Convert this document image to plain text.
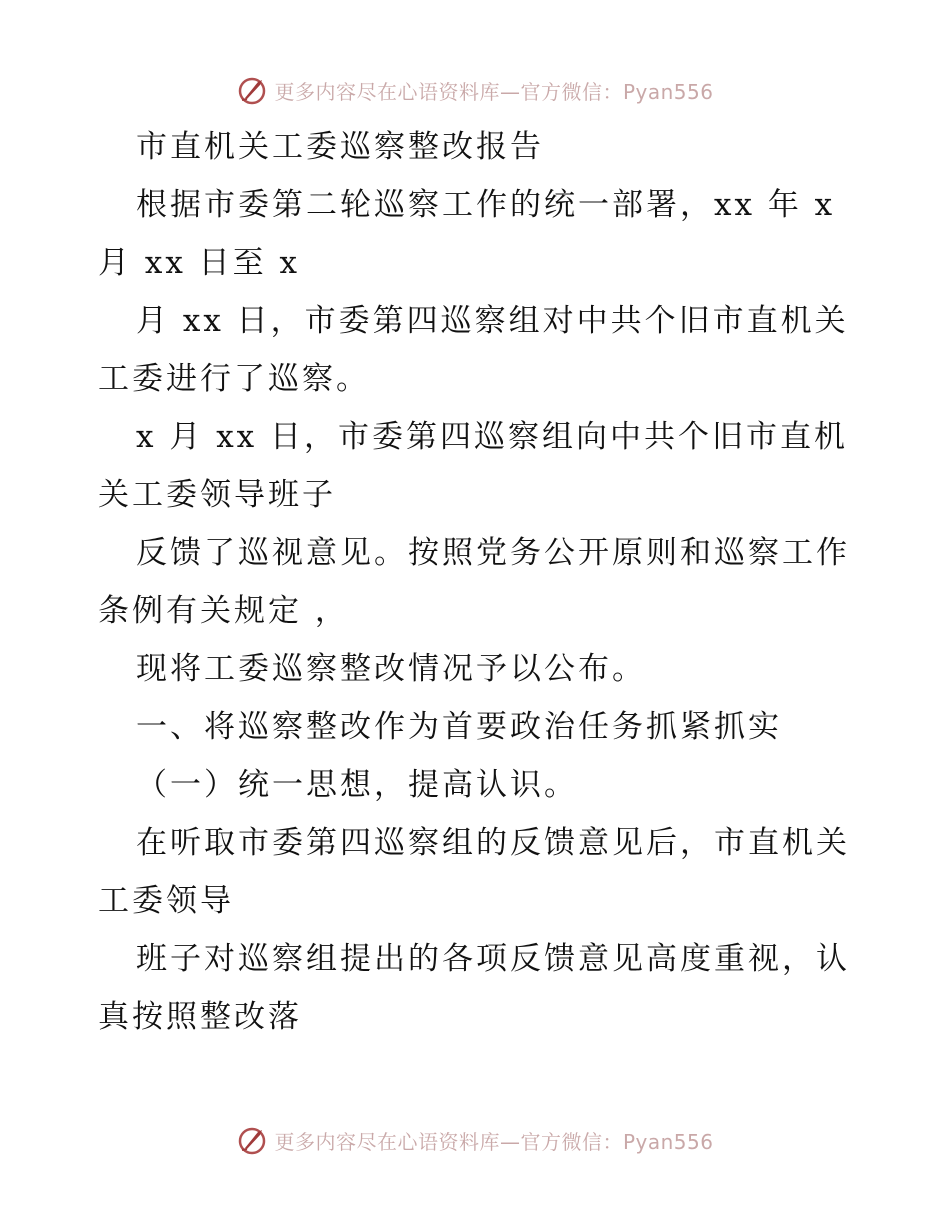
更多内容尽在心语资料库—官方微信：Pyan556
市直机关工委巡察整改报告
根据市委第二轮巡察工作的统一部署，xx 年 x
月 xx 日至 x
月 xx 日，市委第四巡察组对中共个旧市直机关
工委进行了巡察。
x 月 xx 日，市委第四巡察组向中共个旧市直机
关工委领导班子
反馈了巡视意见。按照党务公开原则和巡察工作
条例有关规定 ，
现将工委巡察整改情况予以公布。
一、将巡察整改作为首要政治任务抓紧抓实
（一）统一思想，提高认识。
在听取市委第四巡察组的反馈意见后，市直机关
工委领导
班子对巡察组提出的各项反馈意见高度重视，认
真按照整改落
更多内容尽在心语资料库—官方微信：Pyan556
